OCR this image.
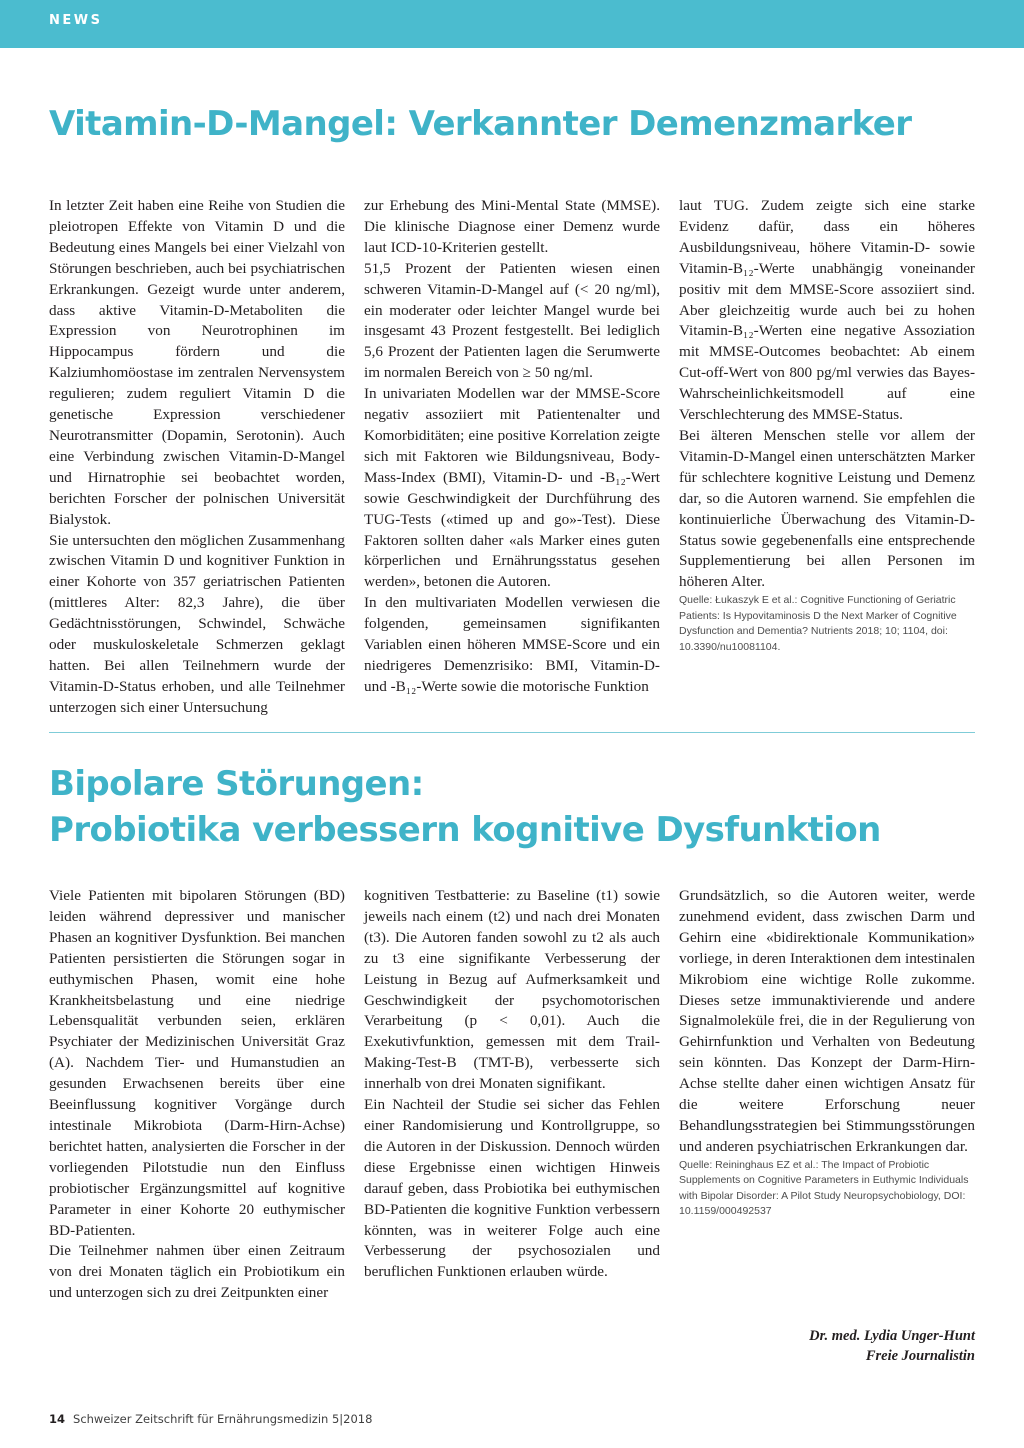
NEWS
Vitamin-D-Mangel: Verkannter Demenzmarker

In letzter Zeit haben eine Reihe von Studien die pleiotropen Effekte von Vitamin D und die Bedeutung eines Mangels bei einer Vielzahl von Störungen beschrieben, auch bei psychiatrischen Erkrankungen. Gezeigt wurde unter anderem, dass aktive Vitamin-D-Metaboliten die Expression von Neurotrophinen im Hippocampus fördern und die Kalziumhomöostase im zentralen Nervensystem regulieren; zudem reguliert Vitamin D die genetische Expression verschiedener Neurotransmitter (Dopamin, Serotonin). Auch eine Verbindung zwischen Vitamin-D-Mangel und Hirnatrophie sei beobachtet worden, berichten Forscher der polnischen Universität Bialystok.

Sie untersuchten den möglichen Zusammenhang zwischen Vitamin D und kognitiver Funktion in einer Kohorte von 357 geriatrischen Patienten (mittleres Alter: 82,3 Jahre), die über Gedächtnisstörungen, Schwindel, Schwäche oder muskuloskeletale Schmerzen geklagt hatten. Bei allen Teilnehmern wurde der Vitamin-D-Status erhoben, und alle Teilnehmer unterzogen sich einer Untersuchung

zur Erhebung des Mini-Mental State (MMSE). Die klinische Diagnose einer Demenz wurde laut ICD-10-Kriterien gestellt.

51,5 Prozent der Patienten wiesen einen schweren Vitamin-D-Mangel auf (< 20 ng/ml), ein moderater oder leichter Mangel wurde bei insgesamt 43 Prozent festgestellt. Bei lediglich 5,6 Prozent der Patienten lagen die Serumwerte im normalen Bereich von ≥ 50 ng/ml.

In univariaten Modellen war der MMSE-Score negativ assoziiert mit Patientenalter und Komorbiditäten; eine positive Korrelation zeigte sich mit Faktoren wie Bildungsniveau, Body-Mass-Index (BMI), Vitamin-D- und -B₁₂-Wert sowie Geschwindigkeit der Durchführung des TUG-Tests («timed up and go»-Test). Diese Faktoren sollten daher «als Marker eines guten körperlichen und Ernährungsstatus gesehen werden», betonen die Autoren.

In den multivariaten Modellen verwiesen die folgenden, gemeinsamen signifikanten Variablen einen höheren MMSE-Score und ein niedrigeres Demenzrisiko: BMI, Vitamin-D- und -B₁₂-Werte sowie die motorische Funktion

laut TUG. Zudem zeigte sich eine starke Evidenz dafür, dass ein höheres Ausbildungsniveau, höhere Vitamin-D- sowie Vitamin-B₁₂-Werte unabhängig voneinander positiv mit dem MMSE-Score assoziiert sind. Aber gleichzeitig wurde auch bei zu hohen Vitamin-B₁₂-Werten eine negative Assoziation mit MMSE-Outcomes beobachtet: Ab einem Cut-off-Wert von 800 pg/ml verwies das Bayes-Wahrscheinlichkeitsmodell auf eine Verschlechterung des MMSE-Status.

Bei älteren Menschen stelle vor allem der Vitamin-D-Mangel einen unterschätzten Marker für schlechtere kognitive Leistung und Demenz dar, so die Autoren warnend. Sie empfehlen die kontinuierliche Überwachung des Vitamin-D-Status sowie gegebenenfalls eine entsprechende Supplementierung bei allen Personen im höheren Alter.

Quelle: Łukaszyk E et al.: Cognitive Functioning of Geriatric Patients: Is Hypovitaminosis D the Next Marker of Cognitive Dysfunction and Dementia? Nutrients 2018; 10; 1104, doi: 10.3390/nu10081104.

Bipolare Störungen:
Probiotika verbessern kognitive Dysfunktion

Viele Patienten mit bipolaren Störungen (BD) leiden während depressiver und manischer Phasen an kognitiver Dysfunktion. Bei manchen Patienten persistierten die Störungen sogar in euthymischen Phasen, womit eine hohe Krankheitsbelastung und eine niedrige Lebensqualität verbunden seien, erklären Psychiater der Medizinischen Universität Graz (A). Nachdem Tier- und Humanstudien an gesunden Erwachsenen bereits über eine Beeinflussung kognitiver Vorgänge durch intestinale Mikrobiota (Darm-Hirn-Achse) berichtet hatten, analysierten die Forscher in der vorliegenden Pilotstudie nun den Einfluss probiotischer Ergänzungsmittel auf kognitive Parameter in einer Kohorte 20 euthymischer BD-Patienten.

Die Teilnehmer nahmen über einen Zeitraum von drei Monaten täglich ein Probiotikum ein und unterzogen sich zu drei Zeitpunkten einer

kognitiven Testbatterie: zu Baseline (t1) sowie jeweils nach einem (t2) und nach drei Monaten (t3). Die Autoren fanden sowohl zu t2 als auch zu t3 eine signifikante Verbesserung der Leistung in Bezug auf Aufmerksamkeit und Geschwindigkeit der psychomotorischen Verarbeitung (p < 0,01). Auch die Exekutivfunktion, gemessen mit dem Trail-Making-Test-B (TMT-B), verbesserte sich innerhalb von drei Monaten signifikant.

Ein Nachteil der Studie sei sicher das Fehlen einer Randomisierung und Kontrollgruppe, so die Autoren in der Diskussion. Dennoch würden diese Ergebnisse einen wichtigen Hinweis darauf geben, dass Probiotika bei euthymischen BD-Patienten die kognitive Funktion verbessern könnten, was in weiterer Folge auch eine Verbesserung der psychosozialen und beruflichen Funktionen erlauben würde.

Grundsätzlich, so die Autoren weiter, werde zunehmend evident, dass zwischen Darm und Gehirn eine «bidirektionale Kommunikation» vorliege, in deren Interaktionen dem intestinalen Mikrobiom eine wichtige Rolle zukomme. Dieses setze immunaktivierende und andere Signalmoleküle frei, die in der Regulierung von Gehirnfunktion und Verhalten von Bedeutung sein könnten. Das Konzept der Darm-Hirn-Achse stellte daher einen wichtigen Ansatz für die weitere Erforschung neuer Behandlungsstrategien bei Stimmungsstörungen und anderen psychiatrischen Erkrankungen dar.

Quelle: Reininghaus EZ et al.: The Impact of Probiotic Supplements on Cognitive Parameters in Euthymic Individuals with Bipolar Disorder: A Pilot Study Neuropsychobiology, DOI: 10.1159/000492537

Dr. med. Lydia Unger-Hunt
Freie Journalistin
14 Schweizer Zeitschrift für Ernährungsmedizin 5|2018
